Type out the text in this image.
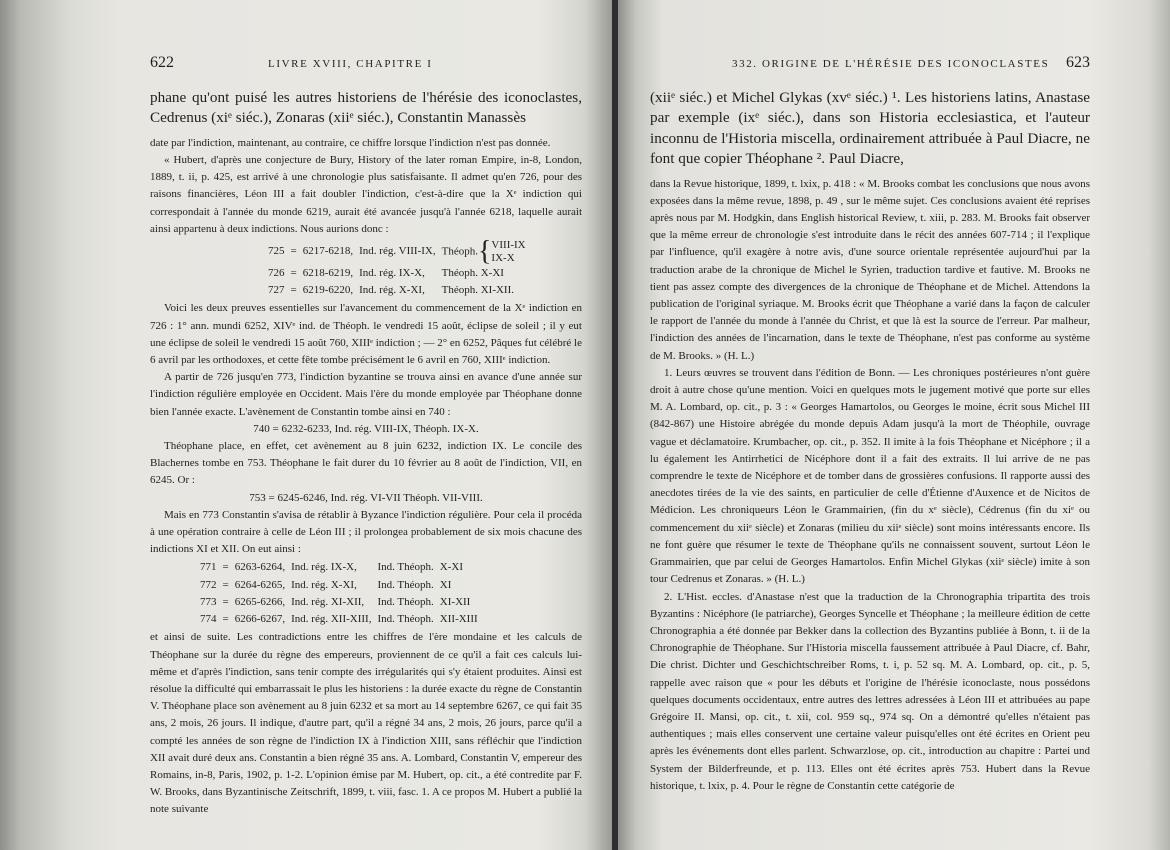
622	LIVRE XVIII, CHAPITRE I

phane qu'ont puisé les autres historiens de l'hérésie des iconoclastes, Cedrenus (xiᵉ siéc.), Zonaras (xiiᵉ siéc.), Constantin Manassès

date par l'indiction, maintenant, au contraire, ce chiffre lorsque l'indiction n'est pas donnée.

« Hubert, d'après une conjecture de Bury, History of the later roman Empire, in-8, London, 1889, t. ii, p. 425, est arrivé à une chronologie plus satisfaisante. Il admet qu'en 726, pour des raisons financières, Léon III a fait doubler l'indiction, c'est-à-dire que la Xᵉ indiction qui correspondait à l'année du monde 6219, aurait été avancée jusqu'à l'année 6218, laquelle aurait ainsi appartenu à deux indictions. Nous aurions donc :

725	=	6217-6218,	Ind. rég. VIII-IX,	Théoph.{VIII-IX
IX-X
726	=	6218-6219,	Ind. rég. IX-X,	Théoph. X-XI
727	=	6219-6220,	Ind. rég. X-XI,	Théoph. XI-XII.

Voici les deux preuves essentielles sur l'avancement du commencement de la Xᵉ indiction en 726 : 1° ann. mundi 6252, XIVᵉ ind. de Théoph. le vendredi 15 août, éclipse de soleil ; il y eut une éclipse de soleil le vendredi 15 août 760, XIIIᵉ indiction ; — 2° en 6252, Pâques fut célébré le 6 avril par les orthodoxes, et cette fête tombe précisément le 6 avril en 760, XIIIᵉ indiction.

A partir de 726 jusqu'en 773, l'indiction byzantine se trouva ainsi en avance d'une année sur l'indiction régulière employée en Occident. Mais l'ère du monde employée par Théophane donne bien l'année exacte. L'avènement de Constantin tombe ainsi en 740 :

740 = 6232-6233, Ind. rég. VIII-IX, Théoph. IX-X.

Théophane place, en effet, cet avènement au 8 juin 6232, indiction IX. Le concile des Blachernes tombe en 753. Théophane le fait durer du 10 février au 8 août de l'indiction, VII, en 6245. Or :

753 = 6245-6246, Ind. rég. VI-VII Théoph. VII-VIII.

Mais en 773 Constantin s'avisa de rétablir à Byzance l'indiction régulière. Pour cela il procéda à une opération contraire à celle de Léon III ; il prolongea probablement de six mois chacune des indictions XI et XII. On eut ainsi :

771	=	6263-6264,	Ind. rég. IX-X,	Ind. Théoph.	X-XI
772	=	6264-6265,	Ind. rég. X-XI,	Ind. Théoph.	XI
773	=	6265-6266,	Ind. rég. XI-XII,	Ind. Théoph.	XI-XII
774	=	6266-6267,	Ind. rég. XII-XIII,	Ind. Théoph.	XII-XIII

et ainsi de suite. Les contradictions entre les chiffres de l'ère mondaine et les calculs de Théophane sur la durée du règne des empereurs, proviennent de ce qu'il a fait ces calculs lui-même et d'après l'indiction, sans tenir compte des irrégularités qui s'y étaient produites. Ainsi est résolue la difficulté qui embarrassait le plus les historiens : la durée exacte du règne de Constantin V. Théophane place son avènement au 8 juin 6232 et sa mort au 14 septembre 6267, ce qui fait 35 ans, 2 mois, 26 jours. Il indique, d'autre part, qu'il a régné 34 ans, 2 mois, 26 jours, parce qu'il a compté les années de son règne de l'indiction IX à l'indiction XIII, sans réfléchir que l'indiction XII avait duré deux ans. Constantin a bien régné 35 ans. A. Lombard, Constantin V, empereur des Romains, in-8, Paris, 1902, p. 1-2. L'opinion émise par M. Hubert, op. cit., a été contredite par F. W. Brooks, dans Byzantinische Zeitschrift, 1899, t. viii, fasc. 1. A ce propos M. Hubert a publié la note suivante

332. ORIGINE DE L'HÉRÉSIE DES ICONOCLASTES 623

(xiiᵉ siéc.) et Michel Glykas (xvᵉ siéc.) ¹. Les historiens latins, Anastase par exemple (ixᵉ siéc.), dans son Historia ecclesiastica, et l'auteur inconnu de l'Historia miscella, ordinairement attribuée à Paul Diacre, ne font que copier Théophane ². Paul Diacre,

dans la Revue historique, 1899, t. lxix, p. 418 : « M. Brooks combat les conclusions que nous avons exposées dans la même revue, 1898, p. 49 , sur le même sujet. Ces conclusions avaient été reprises après nous par M. Hodgkin, dans English historical Review, t. xiii, p. 283. M. Brooks fait observer que la même erreur de chronologie s'est introduite dans le récit des années 607-714 ; il l'explique par l'influence, qu'il exagère à notre avis, d'une source orientale représentée aujourd'hui par la traduction arabe de la chronique de Michel le Syrien, traduction tardive et fautive. M. Brooks ne tient pas assez compte des divergences de la chronique de Théophane et de Michel. Attendons la publication de l'original syriaque. M. Brooks écrit que Théophane a varié dans la façon de calculer le rapport de l'année du monde à l'année du Christ, et que là est la source de l'erreur. Par malheur, l'indiction des années de l'incarnation, dans le texte de Théophane, n'est pas conforme au système de M. Brooks. » (H. L.)

1. Leurs œuvres se trouvent dans l'édition de Bonn. — Les chroniques postérieures n'ont guère droit à autre chose qu'une mention. Voici en quelques mots le jugement motivé que porte sur elles M. A. Lombard, op. cit., p. 3 : « Georges Hamartolos, ou Georges le moine, écrit sous Michel III (842-867) une Histoire abrégée du monde depuis Adam jusqu'à la mort de Théophile, ouvrage vague et déclamatoire. Krumbacher, op. cit., p. 352. Il imite à la fois Théophane et Nicéphore ; il a lu également les Antirrhetici de Nicéphore dont il a fait des extraits. Il lui arrive de ne pas comprendre le texte de Nicéphore et de tomber dans de grossières confusions. Il rapporte aussi des anecdotes tirées de la vie des saints, en particulier de celle d'Étienne d'Auxence et de Nicitos de Médicion. Les chroniqueurs Léon le Grammairien, (fin du xᵉ siècle), Cédrenus (fin du xiᵉ ou commencement du xiiᵉ siècle) et Zonaras (milieu du xiiᵉ siècle) sont moins intéressants encore. Ils ne font guère que résumer le texte de Théophane qu'ils ne connaissent souvent, surtout Léon le Grammairien, que par celui de Georges Hamartolos. Enfin Michel Glykas (xiiᵉ siècle) imite à son tour Cedrenus et Zonaras. » (H. L.)

2. L'Hist. eccles. d'Anastase n'est que la traduction de la Chronographia tripartita des trois Byzantins : Nicéphore (le patriarche), Georges Syncelle et Théophane ; la meilleure édition de cette Chronographia a été donnée par Bekker dans la collection des Byzantins publiée à Bonn, t. ii de la Chronographie de Théophane. Sur l'Historia miscella faussement attribuée à Paul Diacre, cf. Bahr, Die christ. Dichter und Geschichtschreiber Roms, t. i, p. 52 sq. M. A. Lombard, op. cit., p. 5, rappelle avec raison que « pour les débuts et l'origine de l'hérésie iconoclaste, nous possédons quelques documents occidentaux, entre autres des lettres adressées à Léon III et attribuées au pape Grégoire II. Mansi, op. cit., t. xii, col. 959 sq., 974 sq. On a démontré qu'elles n'étaient pas authentiques ; mais elles conservent une certaine valeur puisqu'elles ont été écrites en Orient peu après les événements dont elles parlent. Schwarzlose, op. cit., introduction au chapitre : Partei und System der Bilderfreunde, et p. 113. Elles ont été écrites après 753. Hubert dans la Revue historique, t. lxix, p. 4. Pour le règne de Constantin cette catégorie de
